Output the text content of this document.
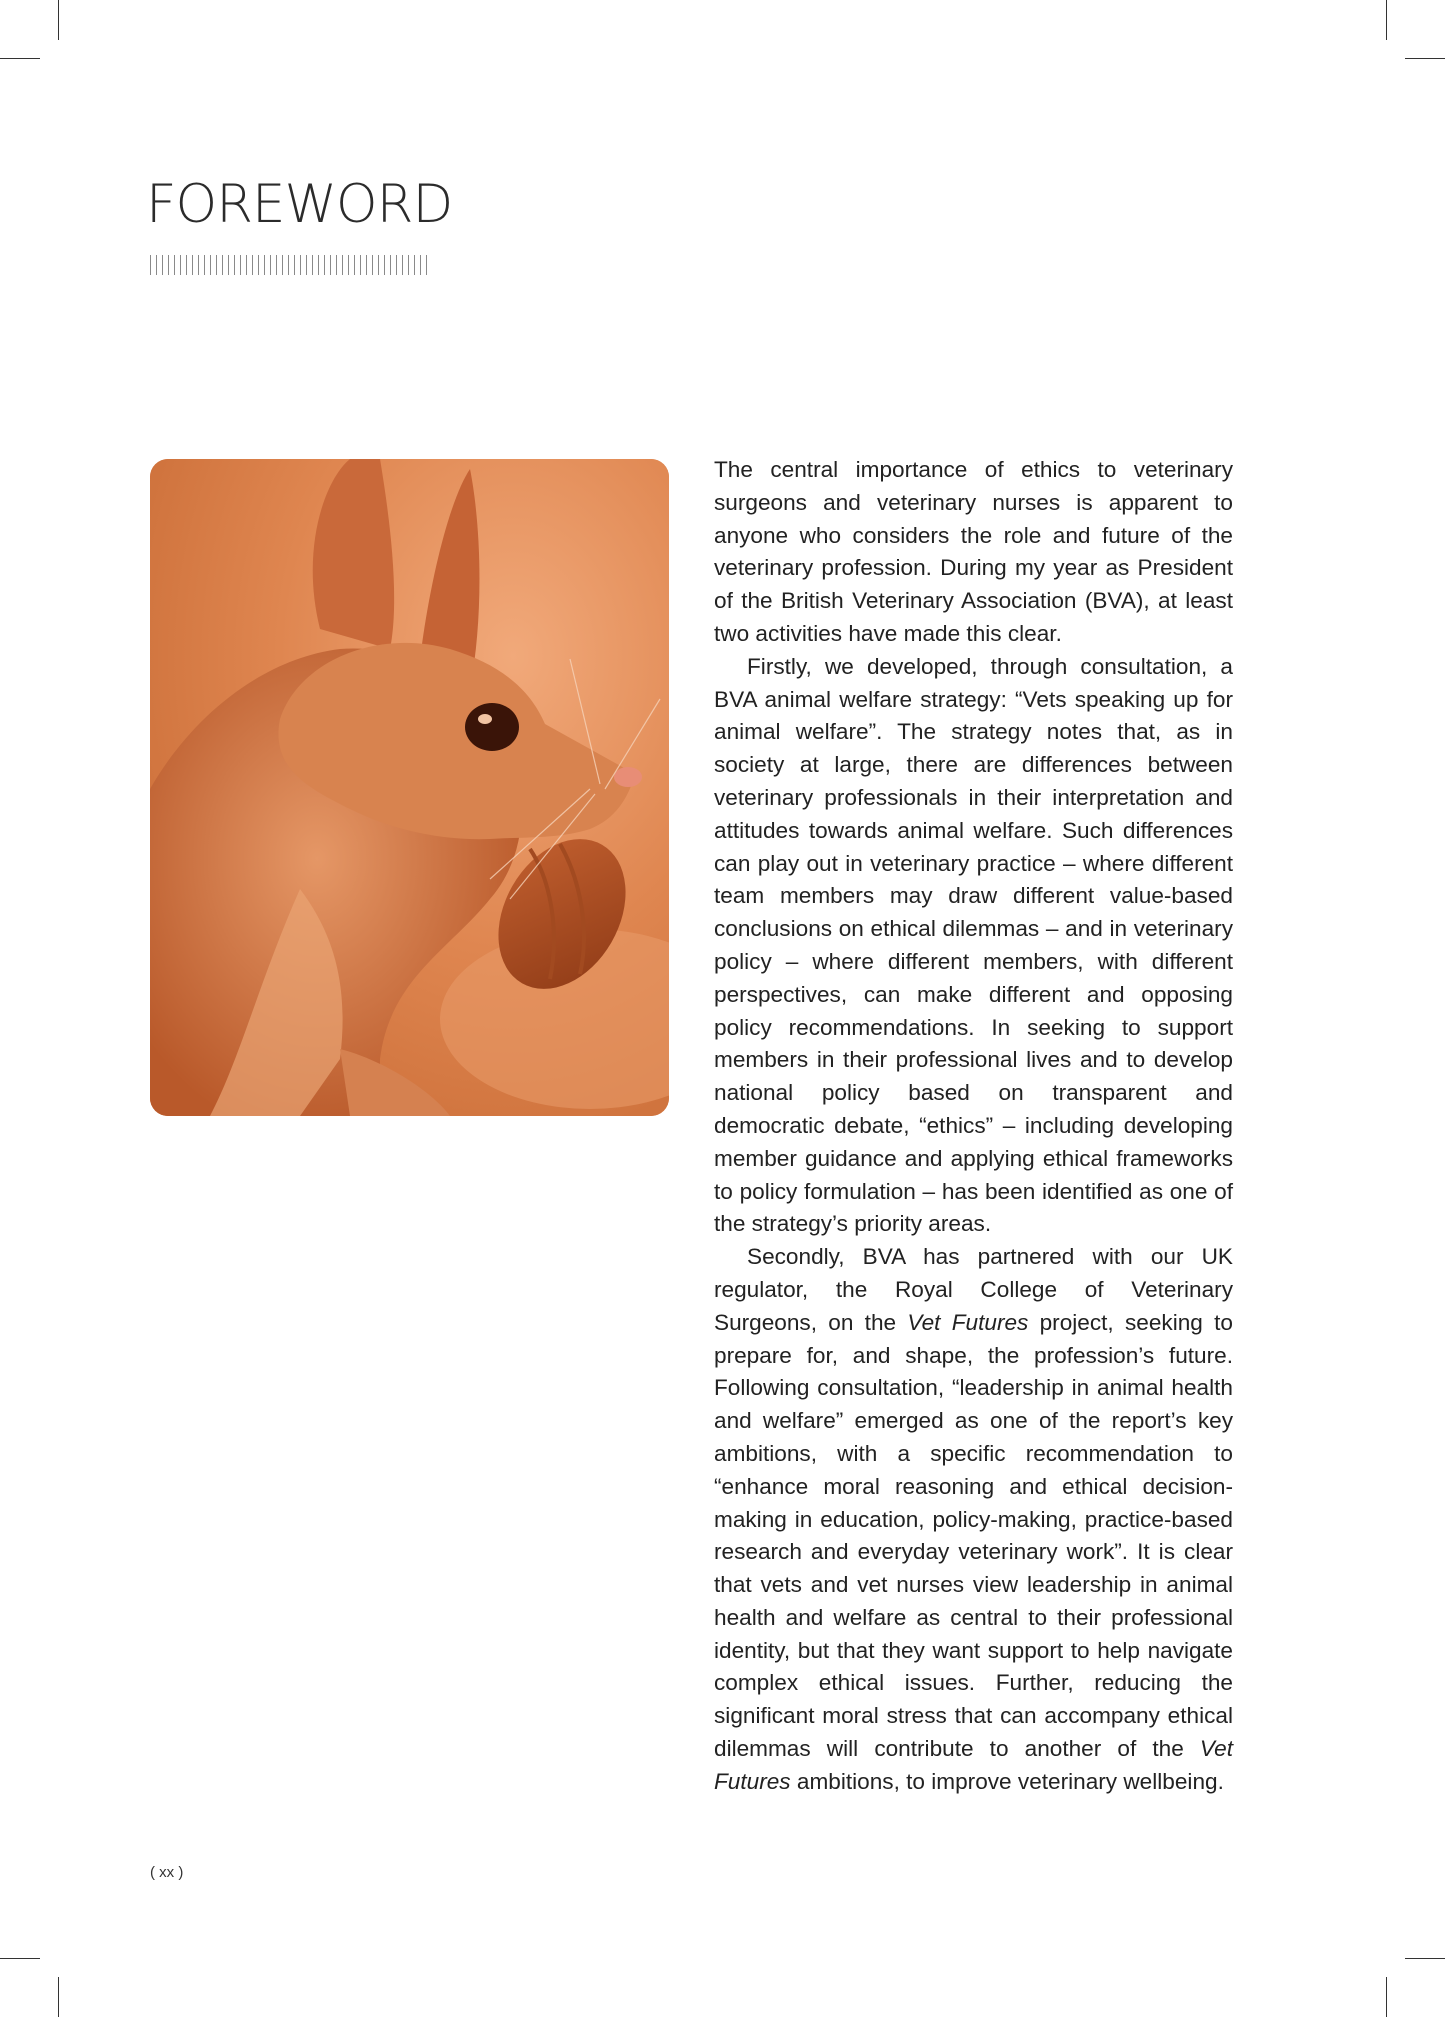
FOREWORD

The central importance of ethics to veterinary surgeons and veterinary nurses is apparent to anyone who considers the role and future of the veterinary profession. During my year as President of the British Veterinary Association (BVA), at least two activities have made this clear.

Firstly, we developed, through consultation, a BVA animal welfare strategy: “Vets speaking up for animal welfare”. The strategy notes that, as in society at large, there are differences between veterinary professionals in their interpretation and attitudes towards animal welfare. Such differences can play out in veterinary practice – where different team members may draw different value-based conclusions on ethical dilemmas – and in veterinary policy – where different members, with different perspectives, can make different and opposing policy recommendations. In seeking to support members in their professional lives and to develop national policy based on transparent and democratic debate, “ethics” – including developing member guidance and applying ethical frameworks to policy formulation – has been identified as one of the strategy’s priority areas.

Secondly, BVA has partnered with our UK regulator, the Royal College of Veterinary Surgeons, on the Vet Futures project, seeking to prepare for, and shape, the profession’s future. Following consultation, “leadership in animal health and welfare” emerged as one of the report’s key ambitions, with a specific recommendation to “enhance moral reasoning and ethical decision-making in education, policy-making, practice-based research and everyday veterinary work”. It is clear that vets and vet nurses view leadership in animal health and welfare as central to their professional identity, but that they want support to help navigate complex ethical issues. Further, reducing the significant moral stress that can accompany ethical dilemmas will contribute to another of the Vet Futures ambitions, to improve veterinary wellbeing.

( xx )
